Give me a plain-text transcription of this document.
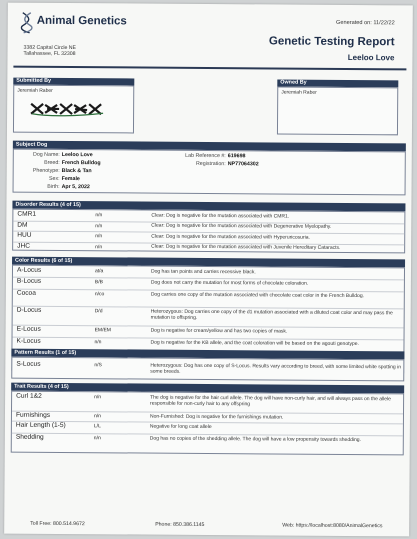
Animal Genetics
3382 Capital Circle NE
Tallahassee, FL 32308
Generated on: 11/22/22
Genetic Testing Report
Leeloo Love
Submitted By
Jeremiah Raber
Owned By
Jeremiah Raber
Subject Dog
Dog Name: Leeloo Love
Breed: French Bulldog
Phenotype: Black & Tan
Sex: Female
Birth: Apr 5, 2022
Lab Reference #: 619698
Registration: NP77064302
Disorder Results (4 of 15)
CMR1	n/n	Clear: Dog is negative for the mutation associated with CMR1.
DM	n/n	Clear: Dog is negative for the mutation associated with Degenerative Myelopathy.
HUU	n/n	Clear: Dog is negative for the mutation associated with Hyperuricosuria.
JHC	n/n	Clear: Dog is negative for the mutation associated with Juvenile Hereditary Cataracts.
Color Results (6 of 15)
A-Locus	at/a	Dog has tan points and carries recessive black.
B-Locus	B/B	Dog does not carry the mutation for most forms of chocolate coloration.
Cocoa	n/co	Dog carries one copy of the mutation associated with chocolate coat color in the French Bulldog.
D-Locus	D/d	Heterozygous: Dog carries one copy of the d1 mutation associated with a diluted coat color and may pass the mutation to offspring.
E-Locus	EM/EM	Dog is negative for cream/yellow and has two copies of mask.
K-Locus	n/n	Dog is negative for the KB allele, and the coat coloration will be based on the agouti genotype.
Pattern Results (1 of 15)
S-Locus	n/S	Heterozygous: Dog has one copy of S-Locus. Results vary according to breed, with some limited white spotting in some breeds.
Trait Results (4 of 15)
Curl 1&2	n/n	The dog is negative for the hair curl allele. The dog will have non-curly hair, and will always pass on the allele responsible for non-curly hair to any offspring
Furnishings	n/n	Non-Furnished: Dog is negative for the furnishings mutation.
Hair Length (1-5)	L/L	Negative for long coat allele
Shedding	n/n	Dog has no copies of the shedding allele. The dog will have a low propensity towards shedding.
Toll Free: 800.514.9672	Phone: 850.386.1145	Web: https://localhost:8080/AnimalGenetics
